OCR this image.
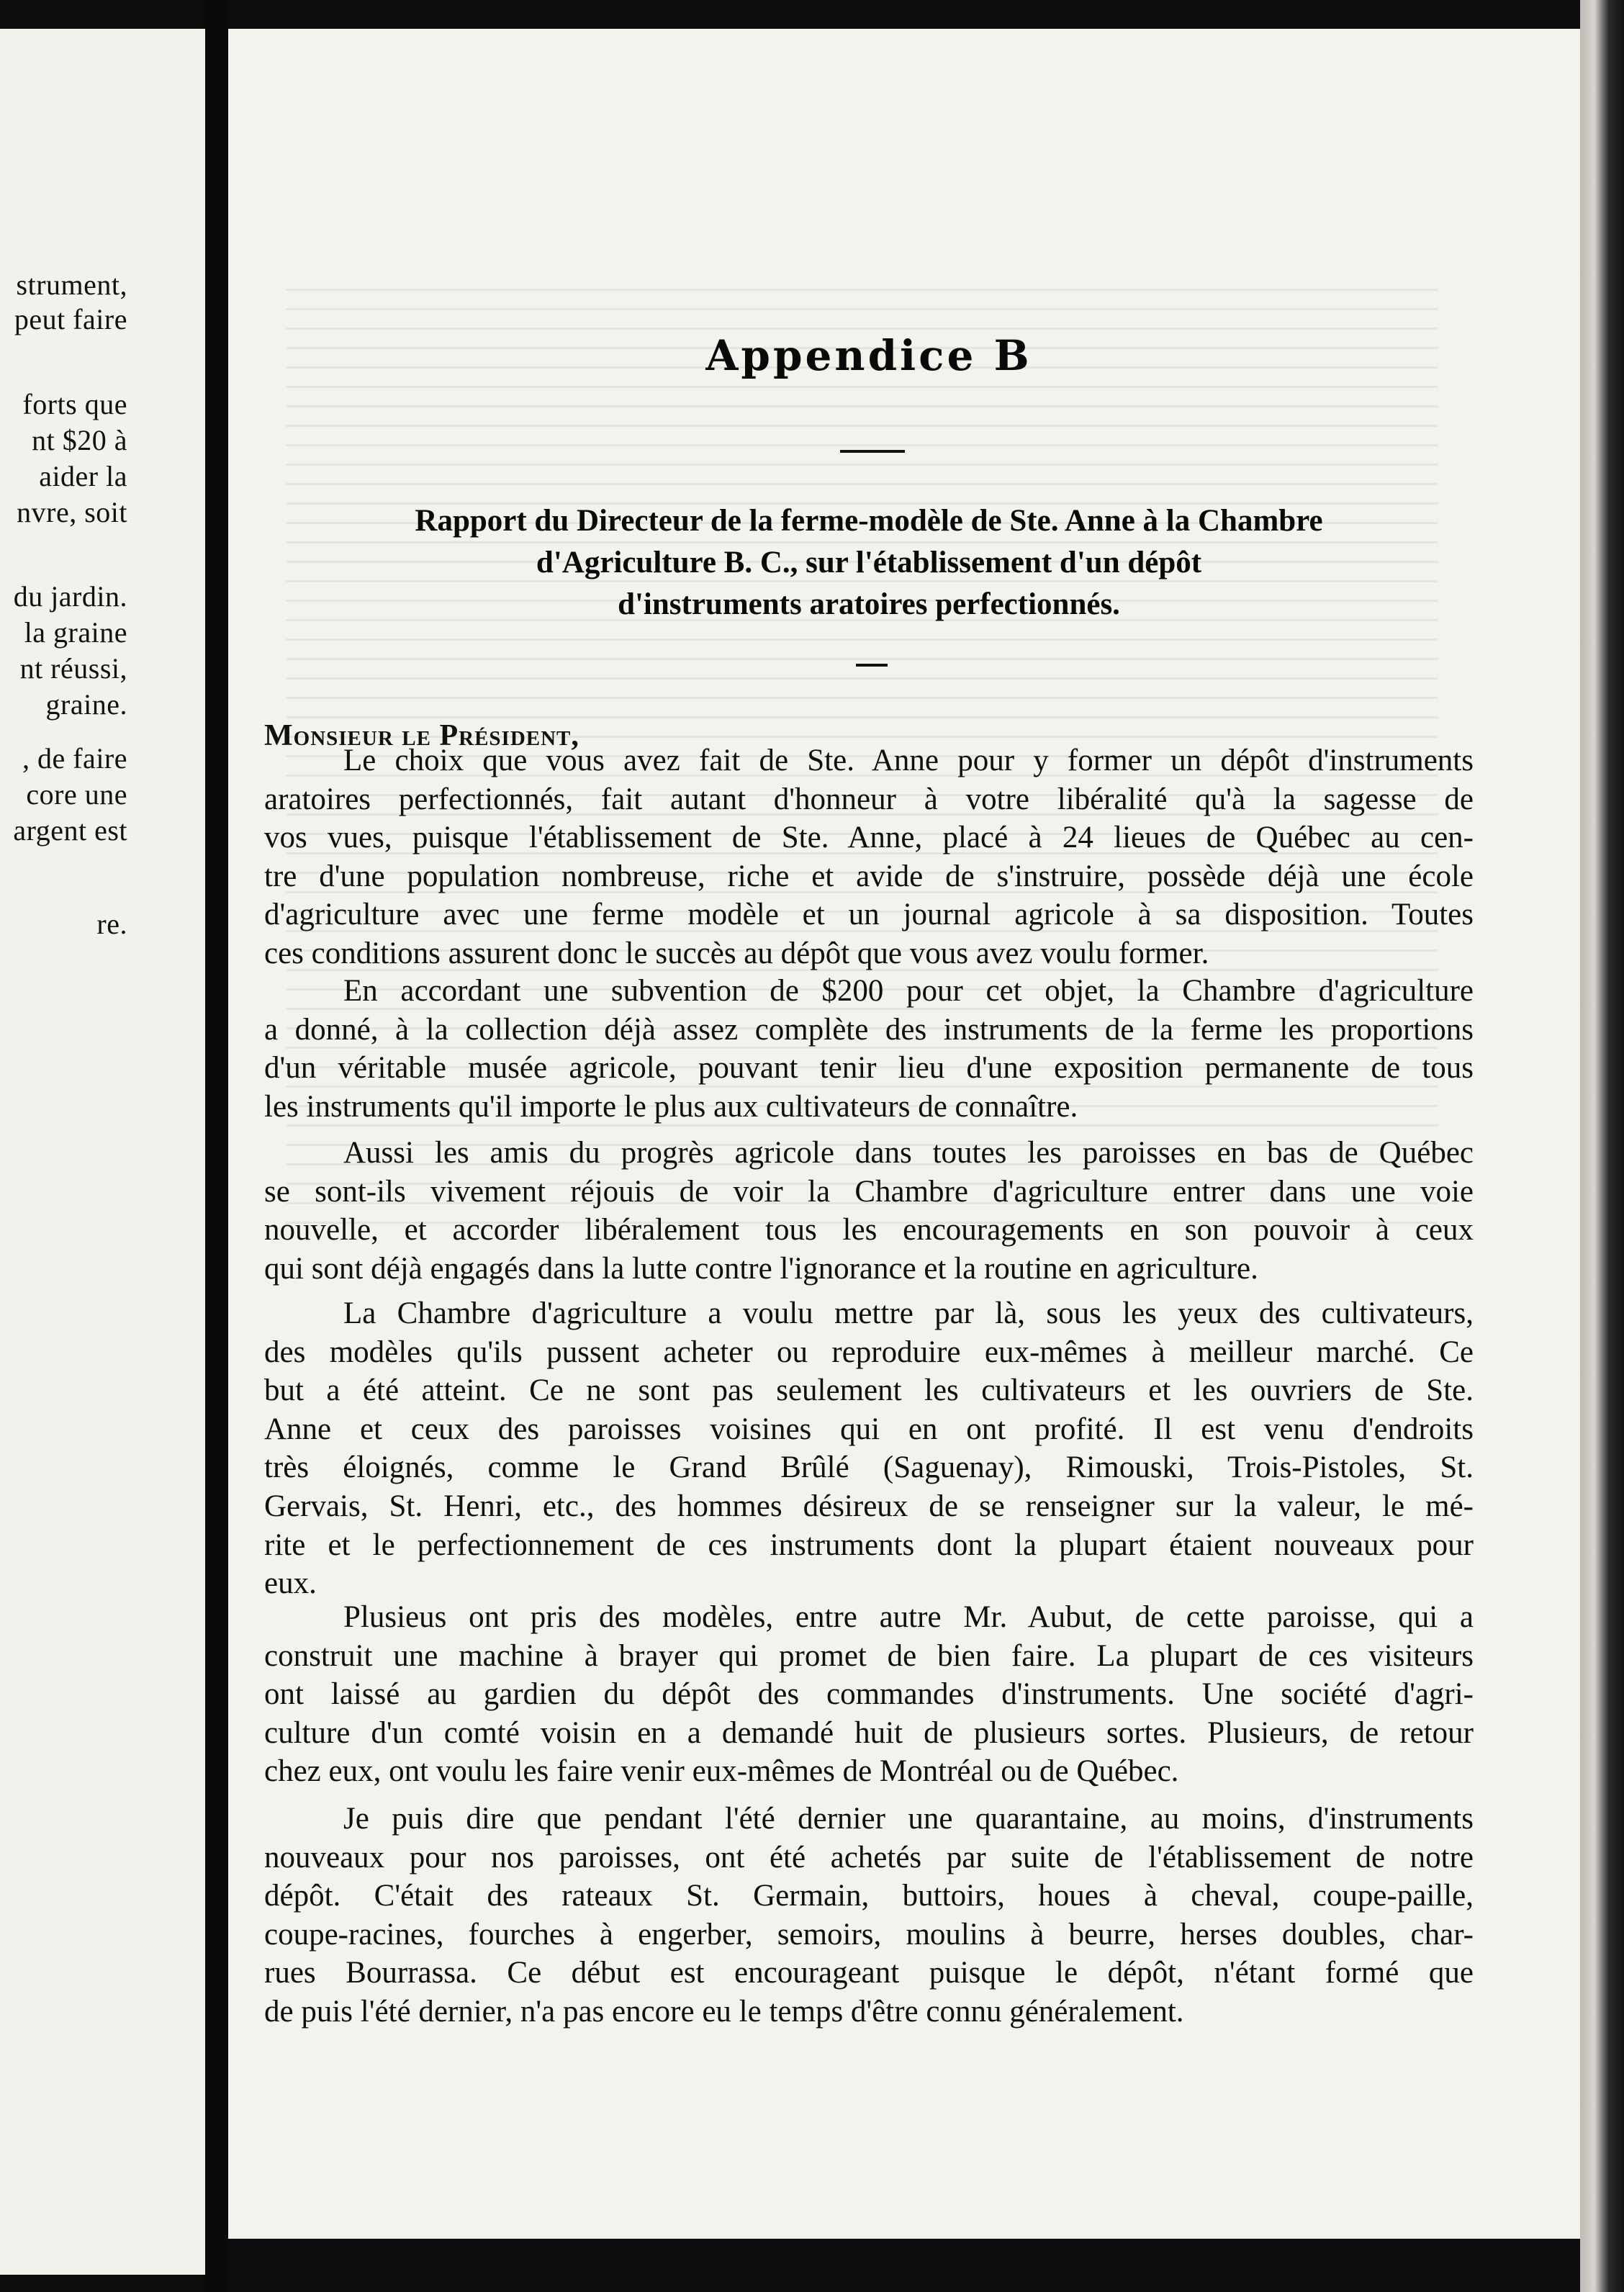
strument,
peut faire
forts que
nt $20 à
aider la
nvre, soit
du jardin.
la graine
nt réussi,
graine.
, de faire
core une
argent est
re.
Appendice B
Rapport du Directeur de la ferme-modèle de Ste. Anne à la Chambre
d'Agriculture B. C., sur l'établissement d'un dépôt
d'instruments aratoires perfectionnés.
Monsieur le Président,
Le choix que vous avez fait de Ste. Anne pour y former un dépôt d'instruments
aratoires perfectionnés, fait autant d'honneur à votre libéralité qu'à la sagesse de
vos vues, puisque l'établissement de Ste. Anne, placé à 24 lieues de Québec au cen-
tre d'une population nombreuse, riche et avide de s'instruire, possède déjà une école
d'agriculture avec une ferme modèle et un journal agricole à sa disposition. Toutes
ces conditions assurent donc le succès au dépôt que vous avez voulu former.
En accordant une subvention de $200 pour cet objet, la Chambre d'agriculture
a donné, à la collection déjà assez complète des instruments de la ferme les proportions
d'un véritable musée agricole, pouvant tenir lieu d'une exposition permanente de tous
les instruments qu'il importe le plus aux cultivateurs de connaître.
Aussi les amis du progrès agricole dans toutes les paroisses en bas de Québec
se sont-ils vivement réjouis de voir la Chambre d'agriculture entrer dans une voie
nouvelle, et accorder libéralement tous les encouragements en son pouvoir à ceux
qui sont déjà engagés dans la lutte contre l'ignorance et la routine en agriculture.
La Chambre d'agriculture a voulu mettre par là, sous les yeux des cultivateurs,
des modèles qu'ils pussent acheter ou reproduire eux-mêmes à meilleur marché. Ce
but a été atteint. Ce ne sont pas seulement les cultivateurs et les ouvriers de Ste.
Anne et ceux des paroisses voisines qui en ont profité. Il est venu d'endroits
très éloignés, comme le Grand Brûlé (Saguenay), Rimouski, Trois-Pistoles, St.
Gervais, St. Henri, etc., des hommes désireux de se renseigner sur la valeur, le mé-
rite et le perfectionnement de ces instruments dont la plupart étaient nouveaux pour
eux.
Plusieus ont pris des modèles, entre autre Mr. Aubut, de cette paroisse, qui a
construit une machine à brayer qui promet de bien faire. La plupart de ces visiteurs
ont laissé au gardien du dépôt des commandes d'instruments. Une société d'agri-
culture d'un comté voisin en a demandé huit de plusieurs sortes. Plusieurs, de retour
chez eux, ont voulu les faire venir eux-mêmes de Montréal ou de Québec.
Je puis dire que pendant l'été dernier une quarantaine, au moins, d'instruments
nouveaux pour nos paroisses, ont été achetés par suite de l'établissement de notre
dépôt. C'était des rateaux St. Germain, buttoirs, houes à cheval, coupe-paille,
coupe-racines, fourches à engerber, semoirs, moulins à beurre, herses doubles, char-
rues Bourrassa. Ce début est encourageant puisque le dépôt, n'étant formé que
de puis l'été dernier, n'a pas encore eu le temps d'être connu généralement.
